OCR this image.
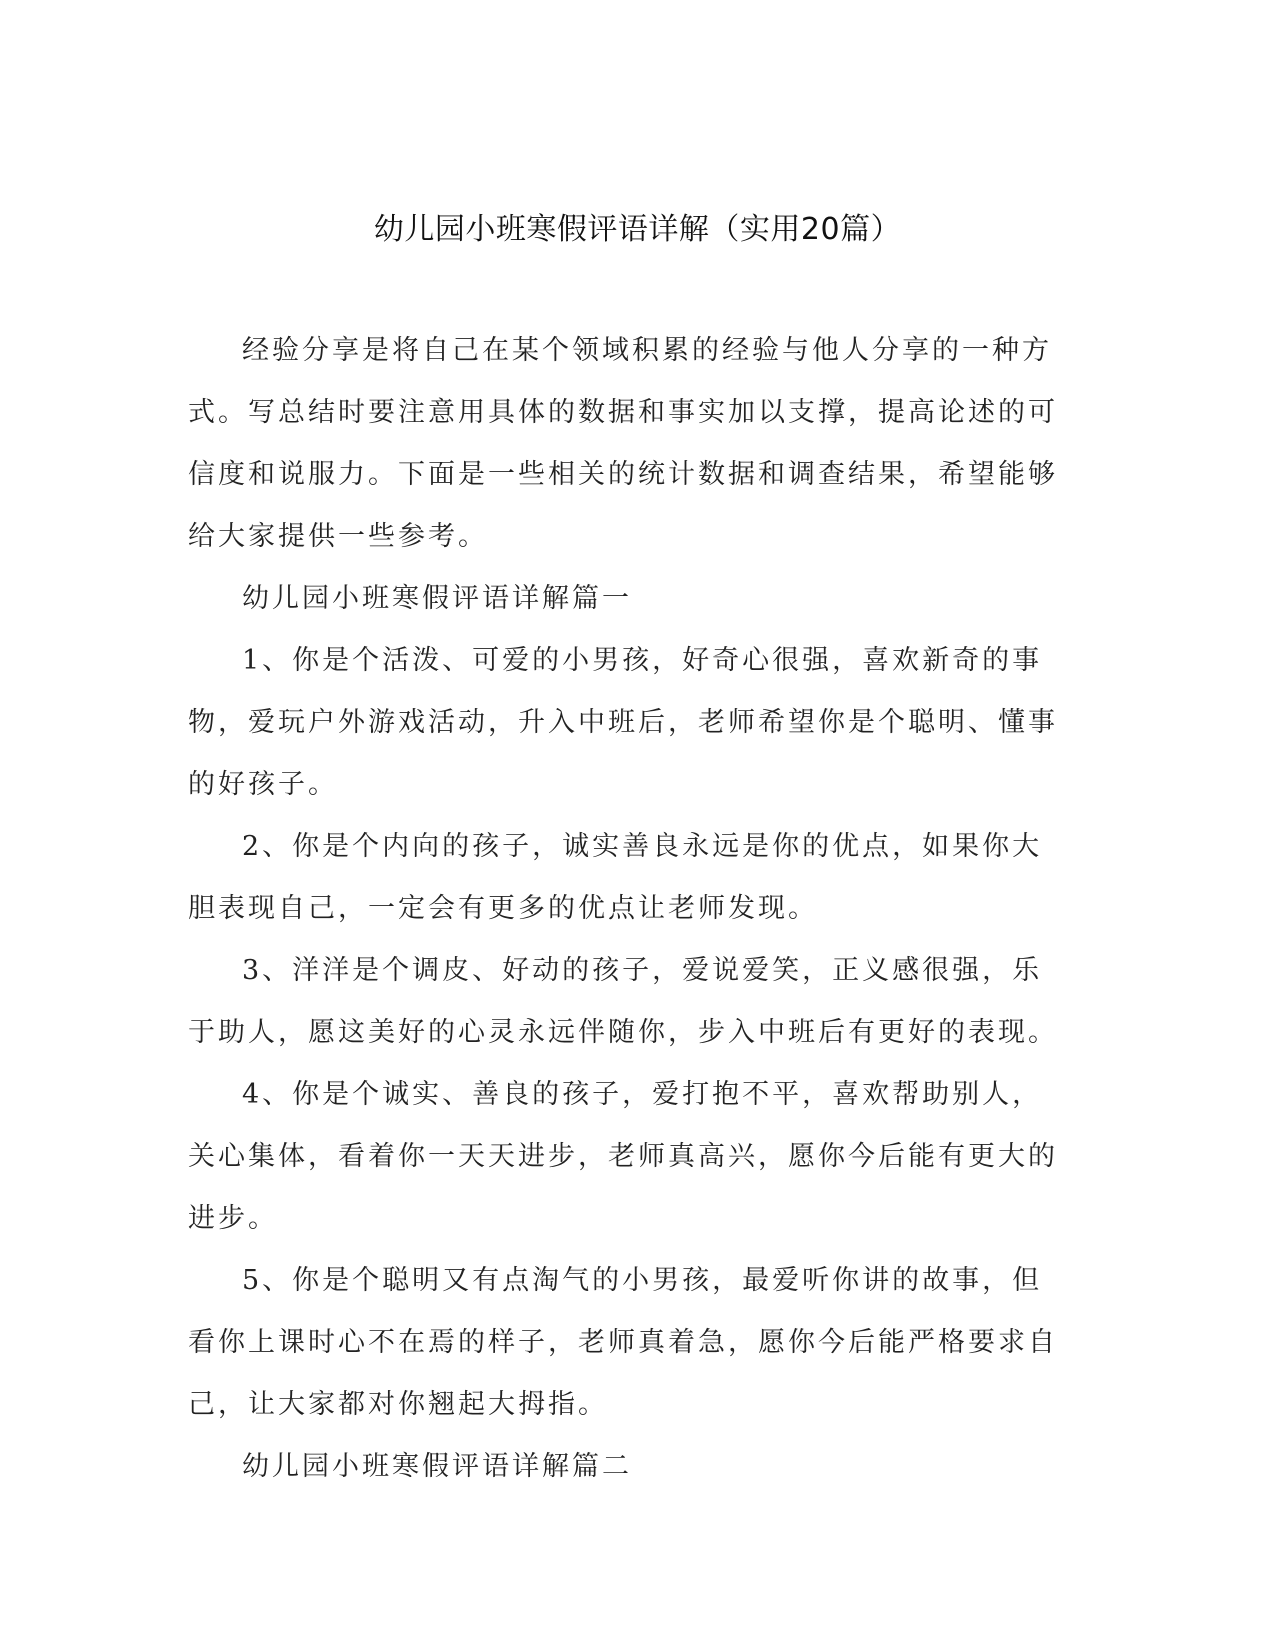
幼儿园小班寒假评语详解（实用20篇）

经验分享是将自己在某个领域积累的经验与他人分享的一种方式。写总结时要注意用具体的数据和事实加以支撑，提高论述的可信度和说服力。下面是一些相关的统计数据和调查结果，希望能够给大家提供一些参考。

幼儿园小班寒假评语详解篇一

1、你是个活泼、可爱的小男孩，好奇心很强，喜欢新奇的事物，爱玩户外游戏活动，升入中班后，老师希望你是个聪明、懂事的好孩子。

2、你是个内向的孩子，诚实善良永远是你的优点，如果你大胆表现自己，一定会有更多的优点让老师发现。

3、洋洋是个调皮、好动的孩子，爱说爱笑，正义感很强，乐于助人，愿这美好的心灵永远伴随你，步入中班后有更好的表现。

4、你是个诚实、善良的孩子，爱打抱不平，喜欢帮助别人，关心集体，看着你一天天进步，老师真高兴，愿你今后能有更大的进步。

5、你是个聪明又有点淘气的小男孩，最爱听你讲的故事，但看你上课时心不在焉的样子，老师真着急，愿你今后能严格要求自己，让大家都对你翘起大拇指。

幼儿园小班寒假评语详解篇二
